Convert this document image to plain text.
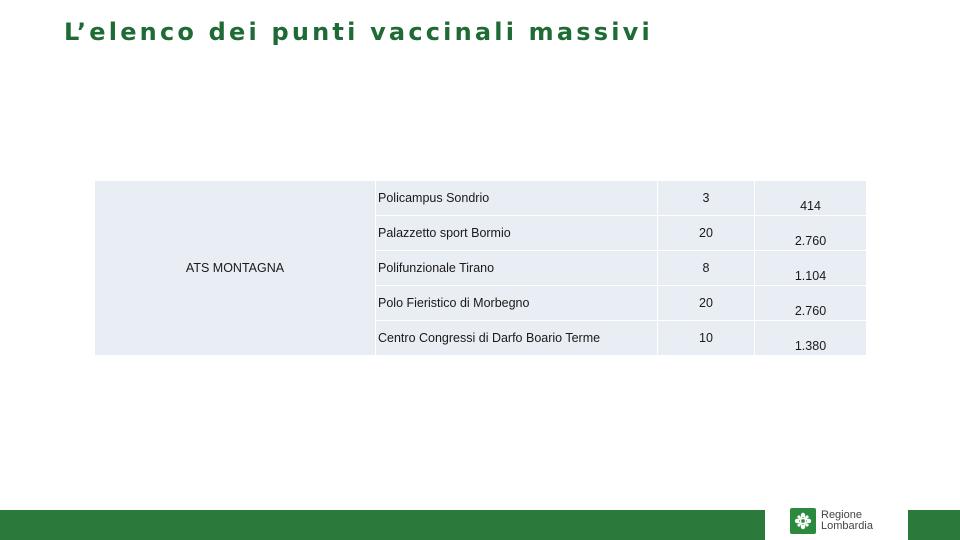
L’elenco dei punti vaccinali massivi
ATS MONTAGNA	Policampus Sondrio	3	414
	Palazzetto sport Bormio	20	2.760
	Polifunzionale Tirano	8	1.104
	Polo Fieristico di Morbegno	20	2.760
	Centro Congressi di Darfo Boario Terme	10	1.380
Regione
Lombardia
